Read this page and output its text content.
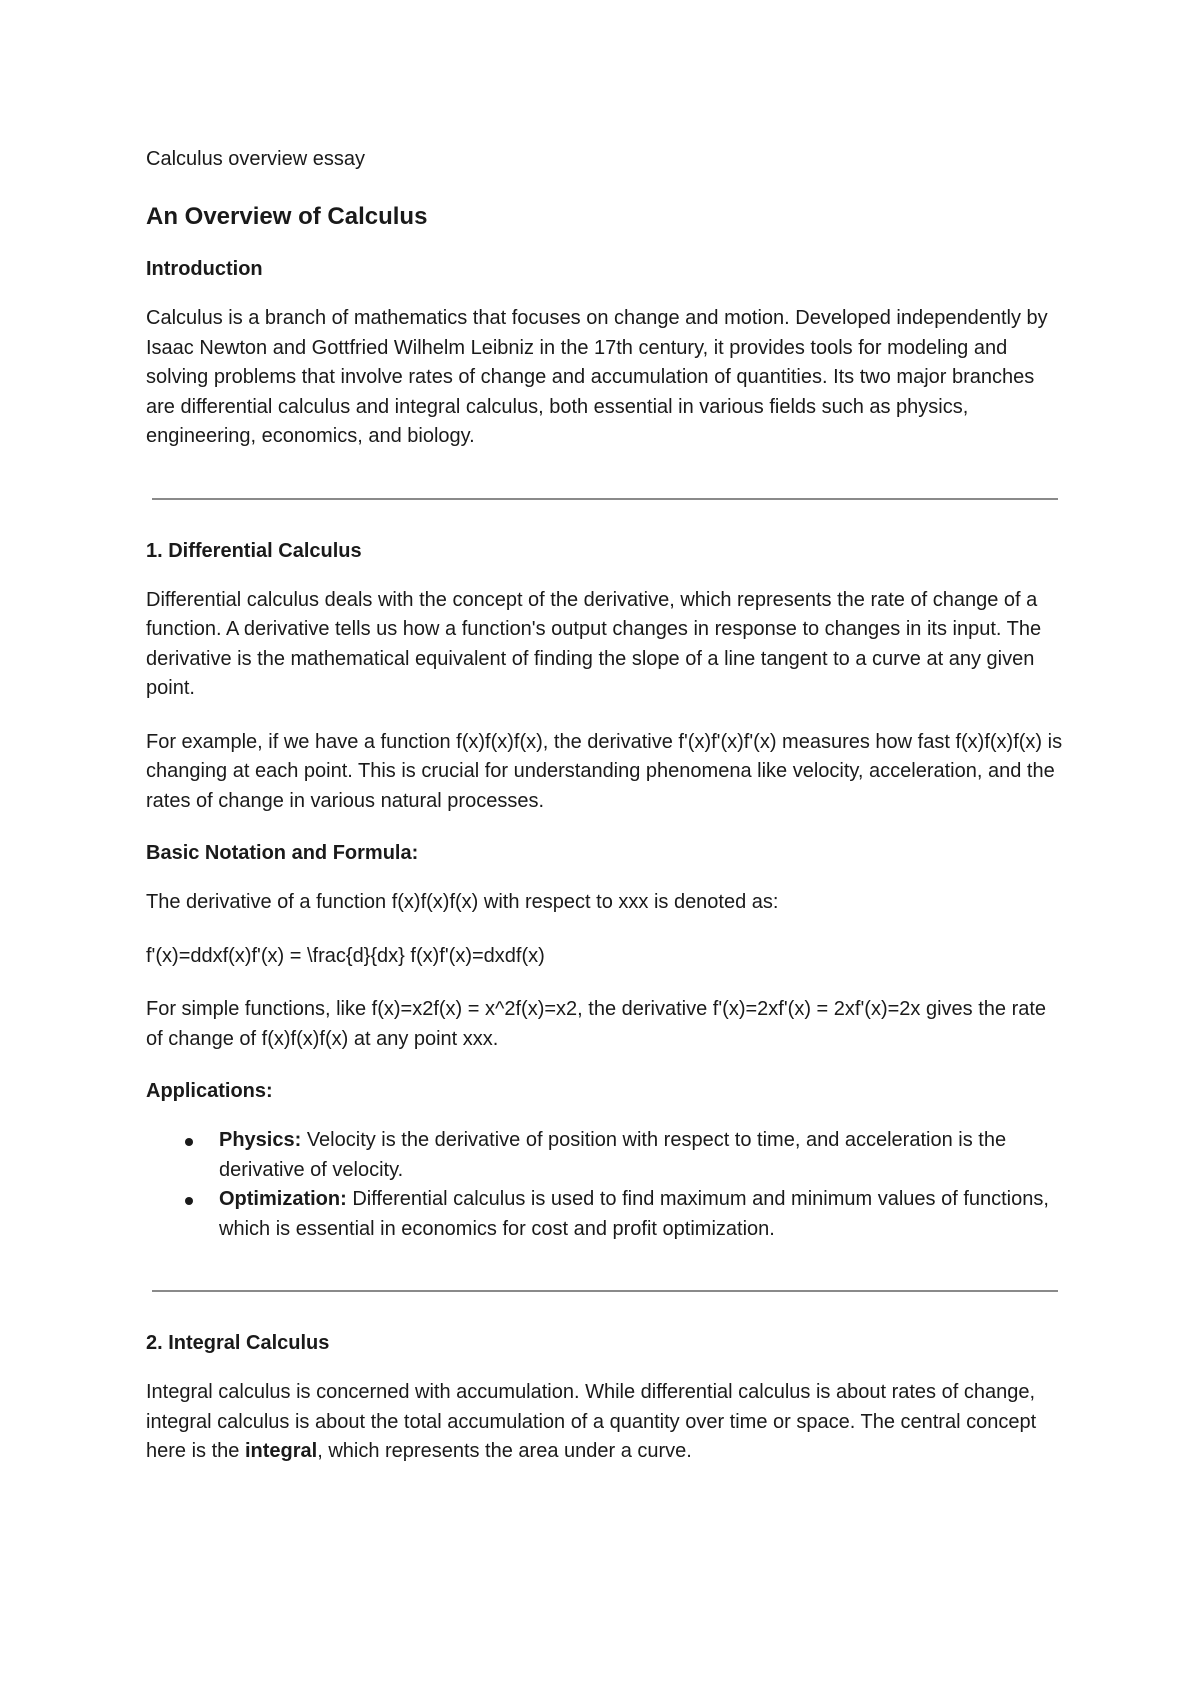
Calculus overview essay
An Overview of Calculus
Introduction

Calculus is a branch of mathematics that focuses on change and motion. Developed independently by Isaac Newton and Gottfried Wilhelm Leibniz in the 17th century, it provides tools for modeling and solving problems that involve rates of change and accumulation of quantities. Its two major branches are differential calculus and integral calculus, both essential in various fields such as physics, engineering, economics, and biology.

1. Differential Calculus

Differential calculus deals with the concept of the derivative, which represents the rate of change of a function. A derivative tells us how a function's output changes in response to changes in its input. The derivative is the mathematical equivalent of finding the slope of a line tangent to a curve at any given point.

For example, if we have a function f(x)f(x)f(x), the derivative f'(x)f'(x)f'(x) measures how fast f(x)f(x)f(x) is changing at each point. This is crucial for understanding phenomena like velocity, acceleration, and the rates of change in various natural processes.

Basic Notation and Formula:

The derivative of a function f(x)f(x)f(x) with respect to xxx is denoted as:

f'(x)=ddxf(x)f'(x) = \frac{d}{dx} f(x)f'(x)=dxdf(x)

For simple functions, like f(x)=x2f(x) = x^2f(x)=x2, the derivative f'(x)=2xf'(x) = 2xf'(x)=2x gives the rate of change of f(x)f(x)f(x) at any point xxx.

Applications:
Physics: Velocity is the derivative of position with respect to time, and acceleration is the derivative of velocity.
Optimization: Differential calculus is used to find maximum and minimum values of functions, which is essential in economics for cost and profit optimization.
2. Integral Calculus

Integral calculus is concerned with accumulation. While differential calculus is about rates of change, integral calculus is about the total accumulation of a quantity over time or space. The central concept here is the integral, which represents the area under a curve.
